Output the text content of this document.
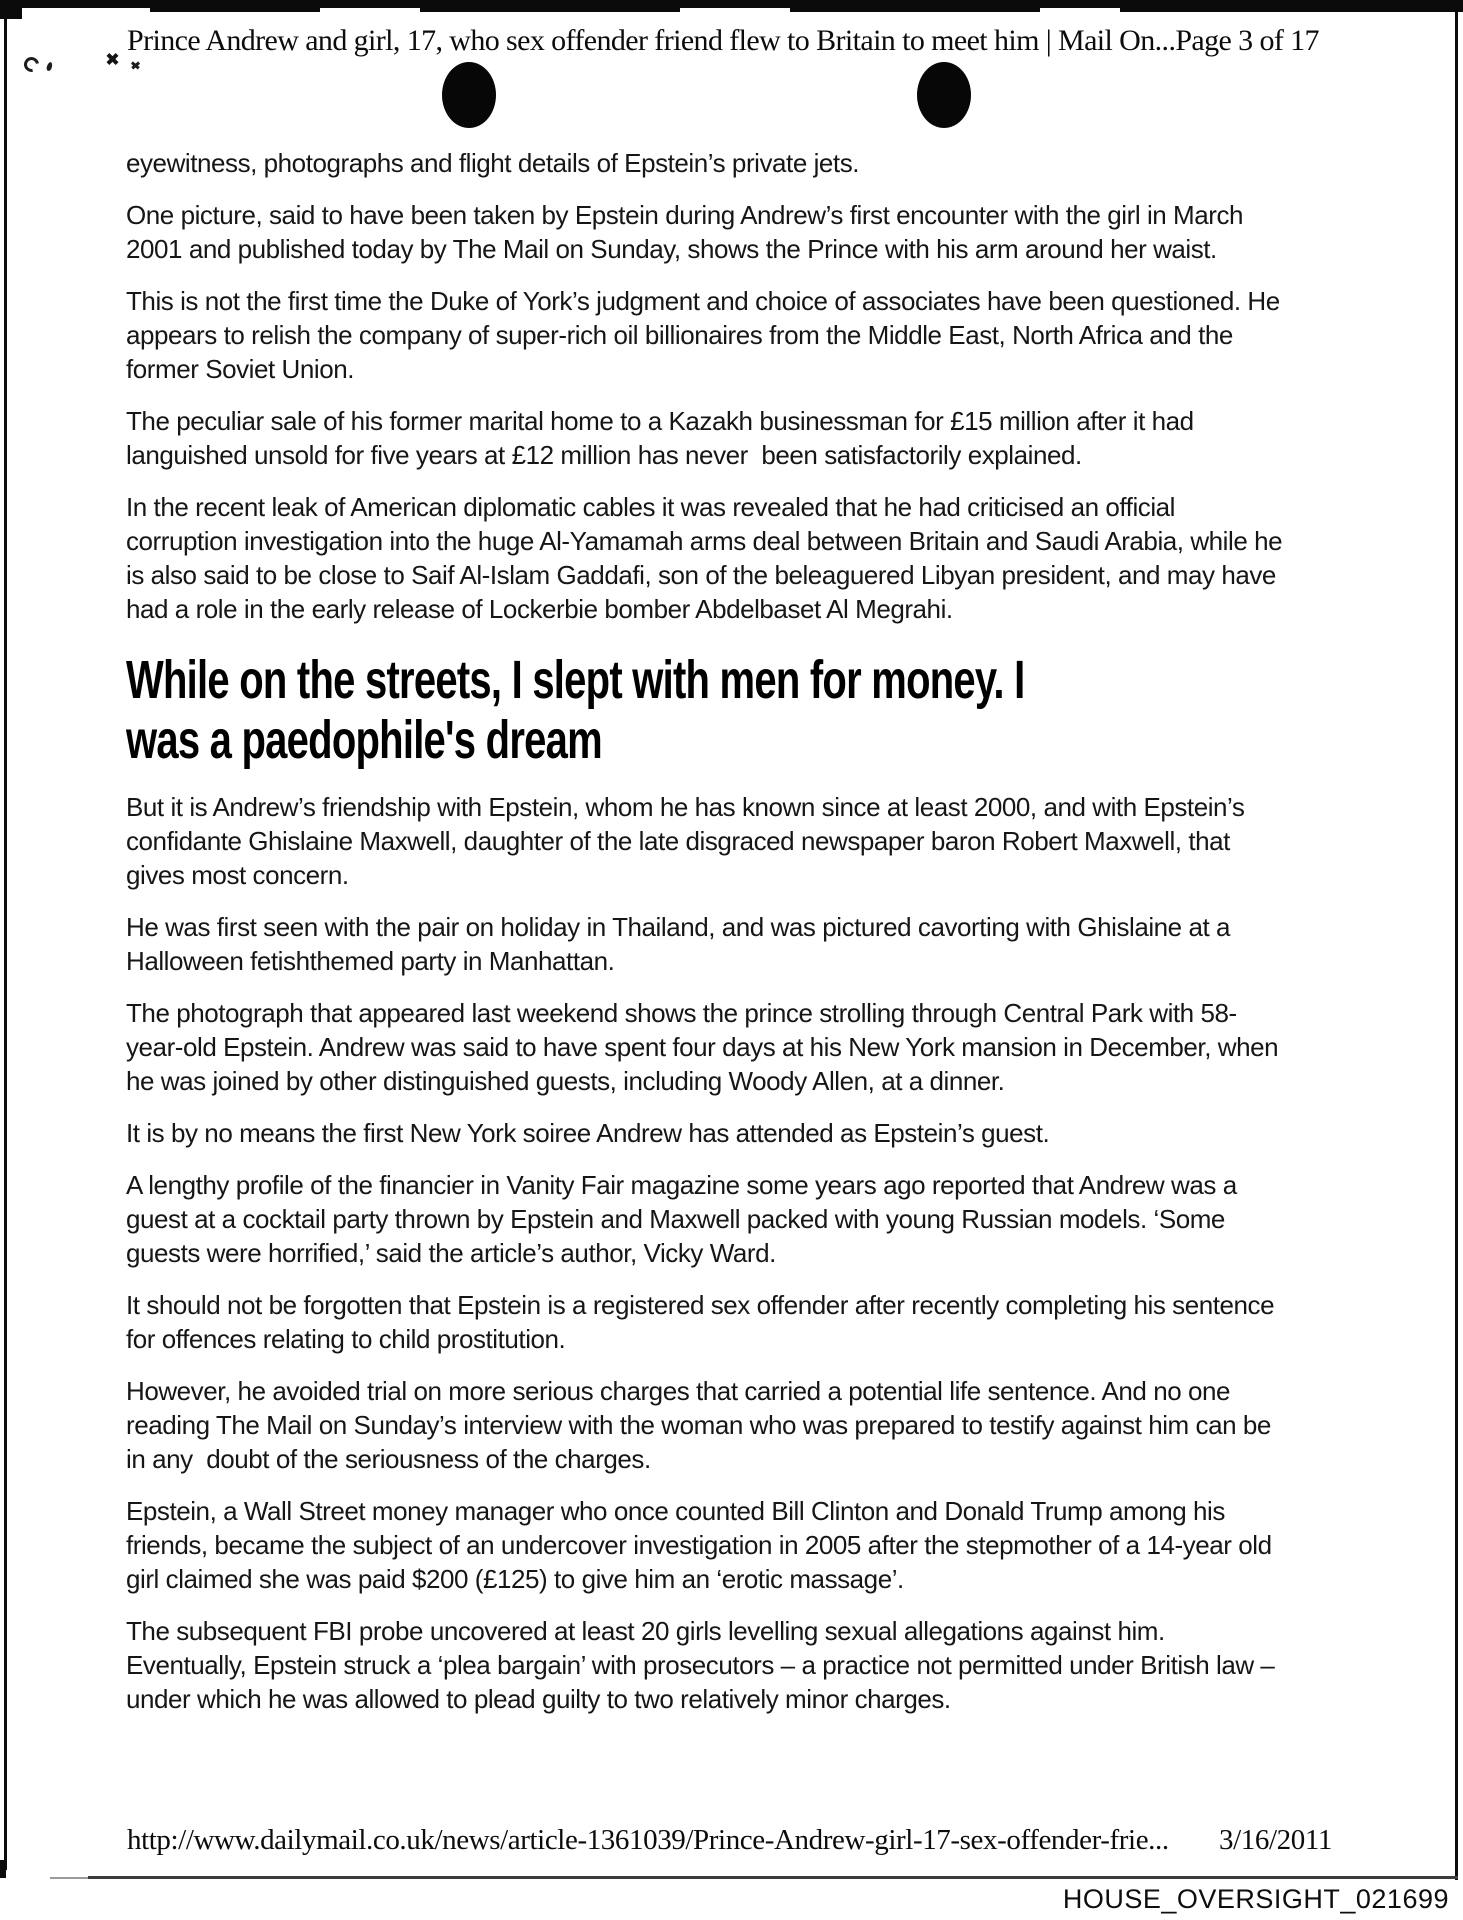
Prince Andrew and girl, 17, who sex offender friend flew to Britain to meet him | Mail On...Page 3 of 17
eyewitness, photographs and flight details of Epstein’s private jets.
One picture, said to have been taken by Epstein during Andrew’s first encounter with the girl in March
2001 and published today by The Mail on Sunday, shows the Prince with his arm around her waist.
This is not the first time the Duke of York’s judgment and choice of associates have been questioned. He
appears to relish the company of super-rich oil billionaires from the Middle East, North Africa and the
former Soviet Union.
The peculiar sale of his former marital home to a Kazakh businessman for £15 million after it had
languished unsold for five years at £12 million has never  been satisfactorily explained.
In the recent leak of American diplomatic cables it was revealed that he had criticised an official
corruption investigation into the huge Al-Yamamah arms deal between Britain and Saudi Arabia, while he
is also said to be close to Saif Al-Islam Gaddafi, son of the beleaguered Libyan president, and may have
had a role in the early release of Lockerbie bomber Abdelbaset Al Megrahi.
While on the streets, I slept with men for money. I
was a paedophile's dream
But it is Andrew’s friendship with Epstein, whom he has known since at least 2000, and with Epstein’s
confidante Ghislaine Maxwell, daughter of the late disgraced newspaper baron Robert Maxwell, that
gives most concern.
He was first seen with the pair on holiday in Thailand, and was pictured cavorting with Ghislaine at a
Halloween fetishthemed party in Manhattan.
The photograph that appeared last weekend shows the prince strolling through Central Park with 58-
year-old Epstein. Andrew was said to have spent four days at his New York mansion in December, when
he was joined by other distinguished guests, including Woody Allen, at a dinner.
It is by no means the first New York soiree Andrew has attended as Epstein’s guest.
A lengthy profile of the financier in Vanity Fair magazine some years ago reported that Andrew was a
guest at a cocktail party thrown by Epstein and Maxwell packed with young Russian models. ‘Some
guests were horrified,’ said the article’s author, Vicky Ward.
It should not be forgotten that Epstein is a registered sex offender after recently completing his sentence
for offences relating to child prostitution.
However, he avoided trial on more serious charges that carried a potential life sentence. And no one
reading The Mail on Sunday’s interview with the woman who was prepared to testify against him can be
in any  doubt of the seriousness of the charges.
Epstein, a Wall Street money manager who once counted Bill Clinton and Donald Trump among his
friends, became the subject of an undercover investigation in 2005 after the stepmother of a 14-year old
girl claimed she was paid $200 (£125) to give him an ‘erotic massage’.
The subsequent FBI probe uncovered at least 20 girls levelling sexual allegations against him.
Eventually, Epstein struck a ‘plea bargain’ with prosecutors – a practice not permitted under British law –
under which he was allowed to plead guilty to two relatively minor charges.
http://www.dailymail.co.uk/news/article-1361039/Prince-Andrew-girl-17-sex-offender-frie... 3/16/2011
HOUSE_OVERSIGHT_021699
